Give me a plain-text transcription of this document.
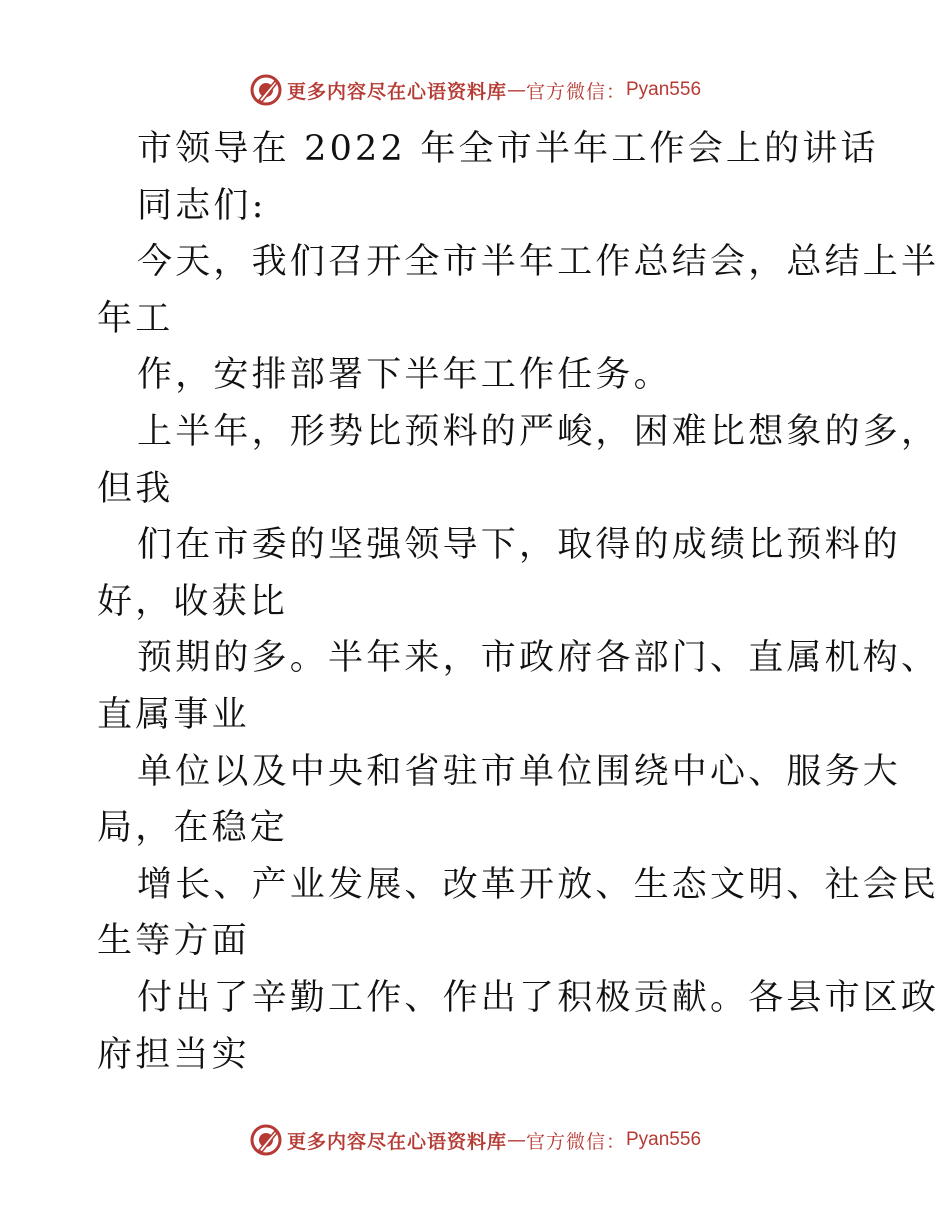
更多内容尽在心语资料库 — 官方微信： Pyan556
市领导在 2022 年全市半年工作会上的讲话
同志们:
今天，我们召开全市半年工作总结会，总结上半
年工
作，安排部署下半年工作任务。
上半年，形势比预料的严峻，困难比想象的多，
但我
们在市委的坚强领导下，取得的成绩比预料的
好，收获比
预期的多。半年来，市政府各部门、直属机构、
直属事业
单位以及中央和省驻市单位围绕中心、服务大
局，在稳定
增长、产业发展、改革开放、生态文明、社会民
生等方面
付出了辛勤工作、作出了积极贡献。各县市区政
府担当实
更多内容尽在心语资料库 — 官方微信： Pyan556
